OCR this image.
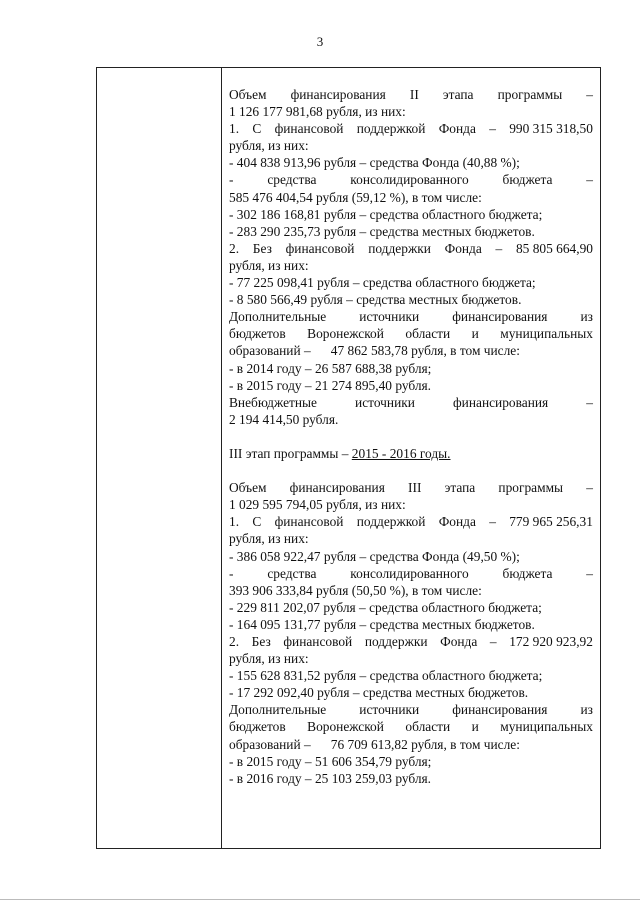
3
Объем финансирования II этапа программы –
1 126 177 981,68 рубля, из них:
1. С финансовой поддержкой Фонда – 990 315 318,50
рубля, из них:
- 404 838 913,96 рубля – средства Фонда (40,88 %);
-	средства	консолидированного	бюджета	–
585 476 404,54 рубля (59,12 %), в том числе:
- 302 186 168,81 рубля – средства областного бюджета;
- 283 290 235,73 рубля – средства местных бюджетов.
2. Без финансовой поддержки Фонда – 85 805 664,90
рубля, из них:
- 77 225 098,41 рубля – средства областного бюджета;
- 8 580 566,49 рубля – средства местных бюджетов.
Дополнительные источники финансирования из
бюджетов Воронежской области и муниципальных
образований –      47 862 583,78 рубля, в том числе:
- в 2014 году – 26 587 688,38 рубля;
- в 2015 году – 21 274 895,40 рубля.
Внебюджетные	источники	финансирования	–
2 194 414,50 рубля.
III этап программы – 2015 - 2016 годы.
Объем финансирования III этапа программы –
1 029 595 794,05 рубля, из них:
1. С финансовой поддержкой Фонда – 779 965 256,31
рубля, из них:
- 386 058 922,47 рубля – средства Фонда (49,50 %);
-	средства	консолидированного	бюджета	–
393 906 333,84 рубля (50,50 %), в том числе:
- 229 811 202,07 рубля – средства областного бюджета;
- 164 095 131,77 рубля – средства местных бюджетов.
2. Без финансовой поддержки Фонда – 172 920 923,92
рубля, из них:
- 155 628 831,52 рубля – средства областного бюджета;
- 17 292 092,40 рубля – средства местных бюджетов.
Дополнительные источники финансирования из
бюджетов Воронежской области и муниципальных
образований –      76 709 613,82 рубля, в том числе:
- в 2015 году – 51 606 354,79 рубля;
- в 2016 году – 25 103 259,03 рубля.
